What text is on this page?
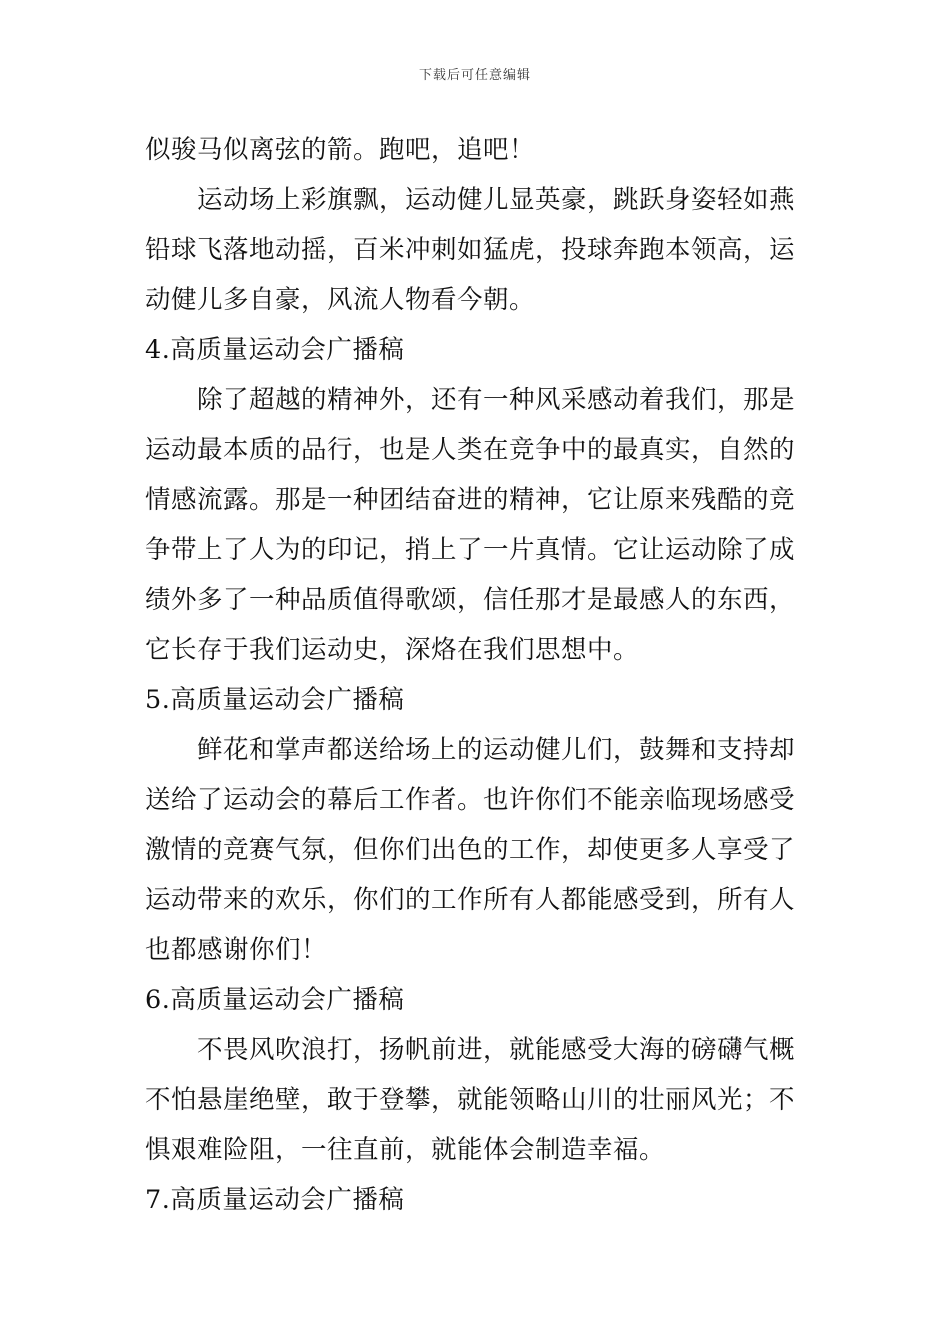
下载后可任意编辑
似骏马似离弦的箭。跑吧，追吧！
运动场上彩旗飘，运动健儿显英豪，跳跃身姿轻如燕
铅球飞落地动摇，百米冲刺如猛虎，投球奔跑本领高，运
动健儿多自豪，风流人物看今朝。
4.高质量运动会广播稿
除了超越的精神外，还有一种风采感动着我们，那是
运动最本质的品行，也是人类在竞争中的最真实，自然的
情感流露。那是一种团结奋进的精神，它让原来残酷的竞
争带上了人为的印记，捎上了一片真情。它让运动除了成
绩外多了一种品质值得歌颂，信任那才是最感人的东西，
它长存于我们运动史，深烙在我们思想中。
5.高质量运动会广播稿
鲜花和掌声都送给场上的运动健儿们，鼓舞和支持却
送给了运动会的幕后工作者。也许你们不能亲临现场感受
激情的竞赛气氛，但你们出色的工作，却使更多人享受了
运动带来的欢乐，你们的工作所有人都能感受到，所有人
也都感谢你们！
6.高质量运动会广播稿
不畏风吹浪打，扬帆前进，就能感受大海的磅礴气概
不怕悬崖绝壁，敢于登攀，就能领略山川的壮丽风光；不
惧艰难险阻，一往直前，就能体会制造幸福。
7.高质量运动会广播稿
